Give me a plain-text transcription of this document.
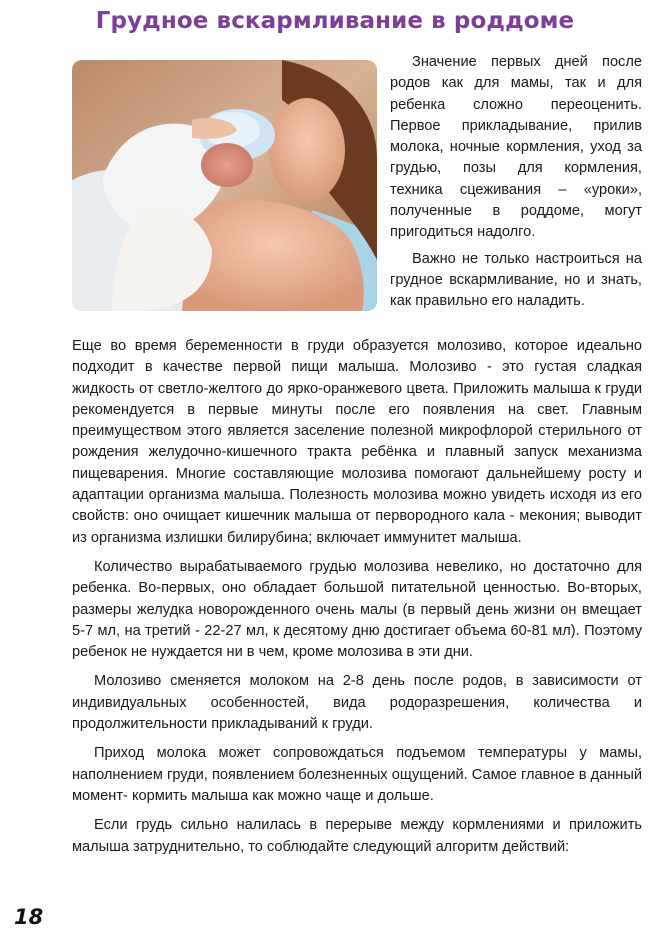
Грудное вскармливание в роддоме

Значение первых дней после родов как для мамы, так и для ребенка сложно переоценить. Первое прикладывание, прилив молока, ночные кормления, уход за грудью, позы для кормления, техника сцеживания – «уроки», полученные в роддоме, могут пригодиться надолго.

Важно не только настроиться на грудное вскармливание, но и знать, как правильно его наладить.

Еще во время беременности в груди образуется молозиво, которое идеально подходит в качестве первой пищи малыша. Молозиво - это густая сладкая жидкость от светло-желтого до ярко-оранжевого цвета. Приложить малыша к груди рекомендуется в первые минуты после его появления на свет. Главным преимуществом этого является заселение полезной микрофлорой стерильного от рождения желудочно-кишечного тракта ребёнка и плавный запуск механизма пищеварения. Многие составляющие молозива помогают дальнейшему росту и адаптации организма малыша. Полезность молозива можно увидеть исходя из его свойств: оно очищает кишечник малыша от первородного кала - мекония; выводит из организма излишки билирубина; включает иммунитет малыша.

Количество вырабатываемого грудью молозива невелико, но достаточно для ребенка. Во-первых, оно обладает большой питательной ценностью. Во-вторых, размеры желудка новорожденного очень малы (в первый день жизни он вмещает 5-7 мл, на третий - 22-27 мл, к десятому дню достигает объема 60-81 мл). Поэтому ребенок не нуждается ни в чем, кроме молозива в эти дни.

Молозиво сменяется молоком на 2-8 день после родов, в зависимости от индивидуальных особенностей, вида родоразрешения, количества и продолжительности прикладываний к груди.

Приход молока может сопровождаться подъемом температуры у мамы, наполнением груди, появлением болезненных ощущений. Самое главное в данный момент- кормить малыша как можно чаще и дольше.

Если грудь сильно налилась в перерыве между кормлениями и приложить малыша затруднительно, то соблюдайте следующий алгоритм действий:

18
